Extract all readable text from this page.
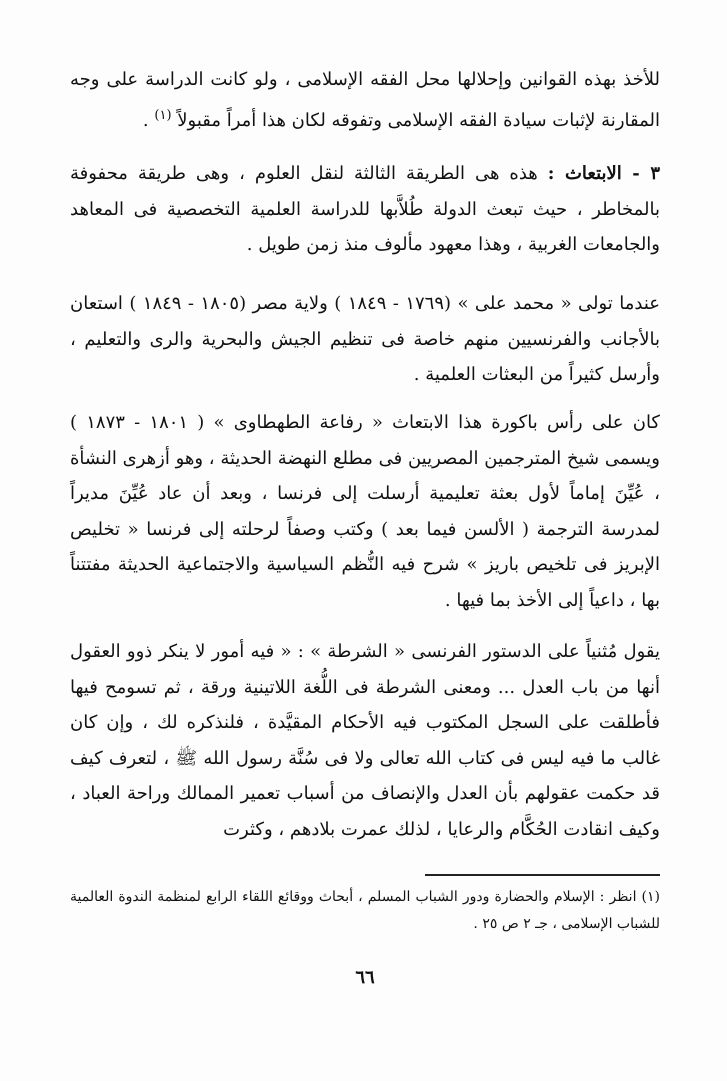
للأخذ بهذه القوانين وإحلالها محل الفقه الإسلامى ، ولو كانت الدراسة على وجه المقارنة لإثبات سيادة الفقه الإسلامى وتفوقه لكان هذا أمراً مقبولاً $^{(١)}$ .

٣ - الابتعاث : هذه هى الطريقة الثالثة لنقل العلوم ، وهى طريقة محفوفة بالمخاطر ، حيث تبعث الدولة طُلاَّبها للدراسة العلمية التخصصية فى المعاهد والجامعات الغربية ، وهذا معهود مألوف منذ زمن طويل .

عندما تولى « محمد على » (١٧٦٩ - ١٨٤٩ ) ولاية مصر (١٨٠٥ - ١٨٤٩ ) استعان بالأجانب والفرنسيين منهم خاصة فى تنظيم الجيش والبحرية والرى والتعليم ، وأرسل كثيراً من البعثات العلمية .

كان على رأس باكورة هذا الابتعاث « رفاعة الطهطاوى » ( ١٨٠١ - ١٨٧٣ ) ويسمى شيخ المترجمين المصريين فى مطلع النهضة الحديثة ، وهو أزهرى النشأة ، عُيِّنَ إماماً لأول بعثة تعليمية أرسلت إلى فرنسا ، وبعد أن عاد عُيِّنَ مديراً لمدرسة الترجمة ( الألسن فيما بعد ) وكتب وصفاً لرحلته إلى فرنسا « تخليص الإبريز فى تلخيص باريز » شرح فيه النُّظم السياسية والاجتماعية الحديثة مفتتناً بها ، داعياً إلى الأخذ بما فيها .

يقول مُثنياً على الدستور الفرنسى « الشرطة » : « فيه أمور لا ينكر ذوو العقول أنها من باب العدل ... ومعنى الشرطة فى اللُّغة اللاتينية ورقة ، ثم تسومح فيها فأطلقت على السجل المكتوب فيه الأحكام المقيَّدة ، فلنذكره لك ، وإن كان غالب ما فيه ليس فى كتاب الله تعالى ولا فى سُنَّة رسول الله ﷺ ، لتعرف كيف قد حكمت عقولهم بأن العدل والإنصاف من أسباب تعمير الممالك وراحة العباد ، وكيف انقادت الحُكَّام والرعايا ، لذلك عمرت بلادهم ، وكثرت

(١) انظر : الإسلام والحضارة ودور الشباب المسلم ، أبحاث ووقائع اللقاء الرابع لمنظمة الندوة العالمية للشباب الإسلامى ، جـ ٢ ص ٢٥ .

٦٦
